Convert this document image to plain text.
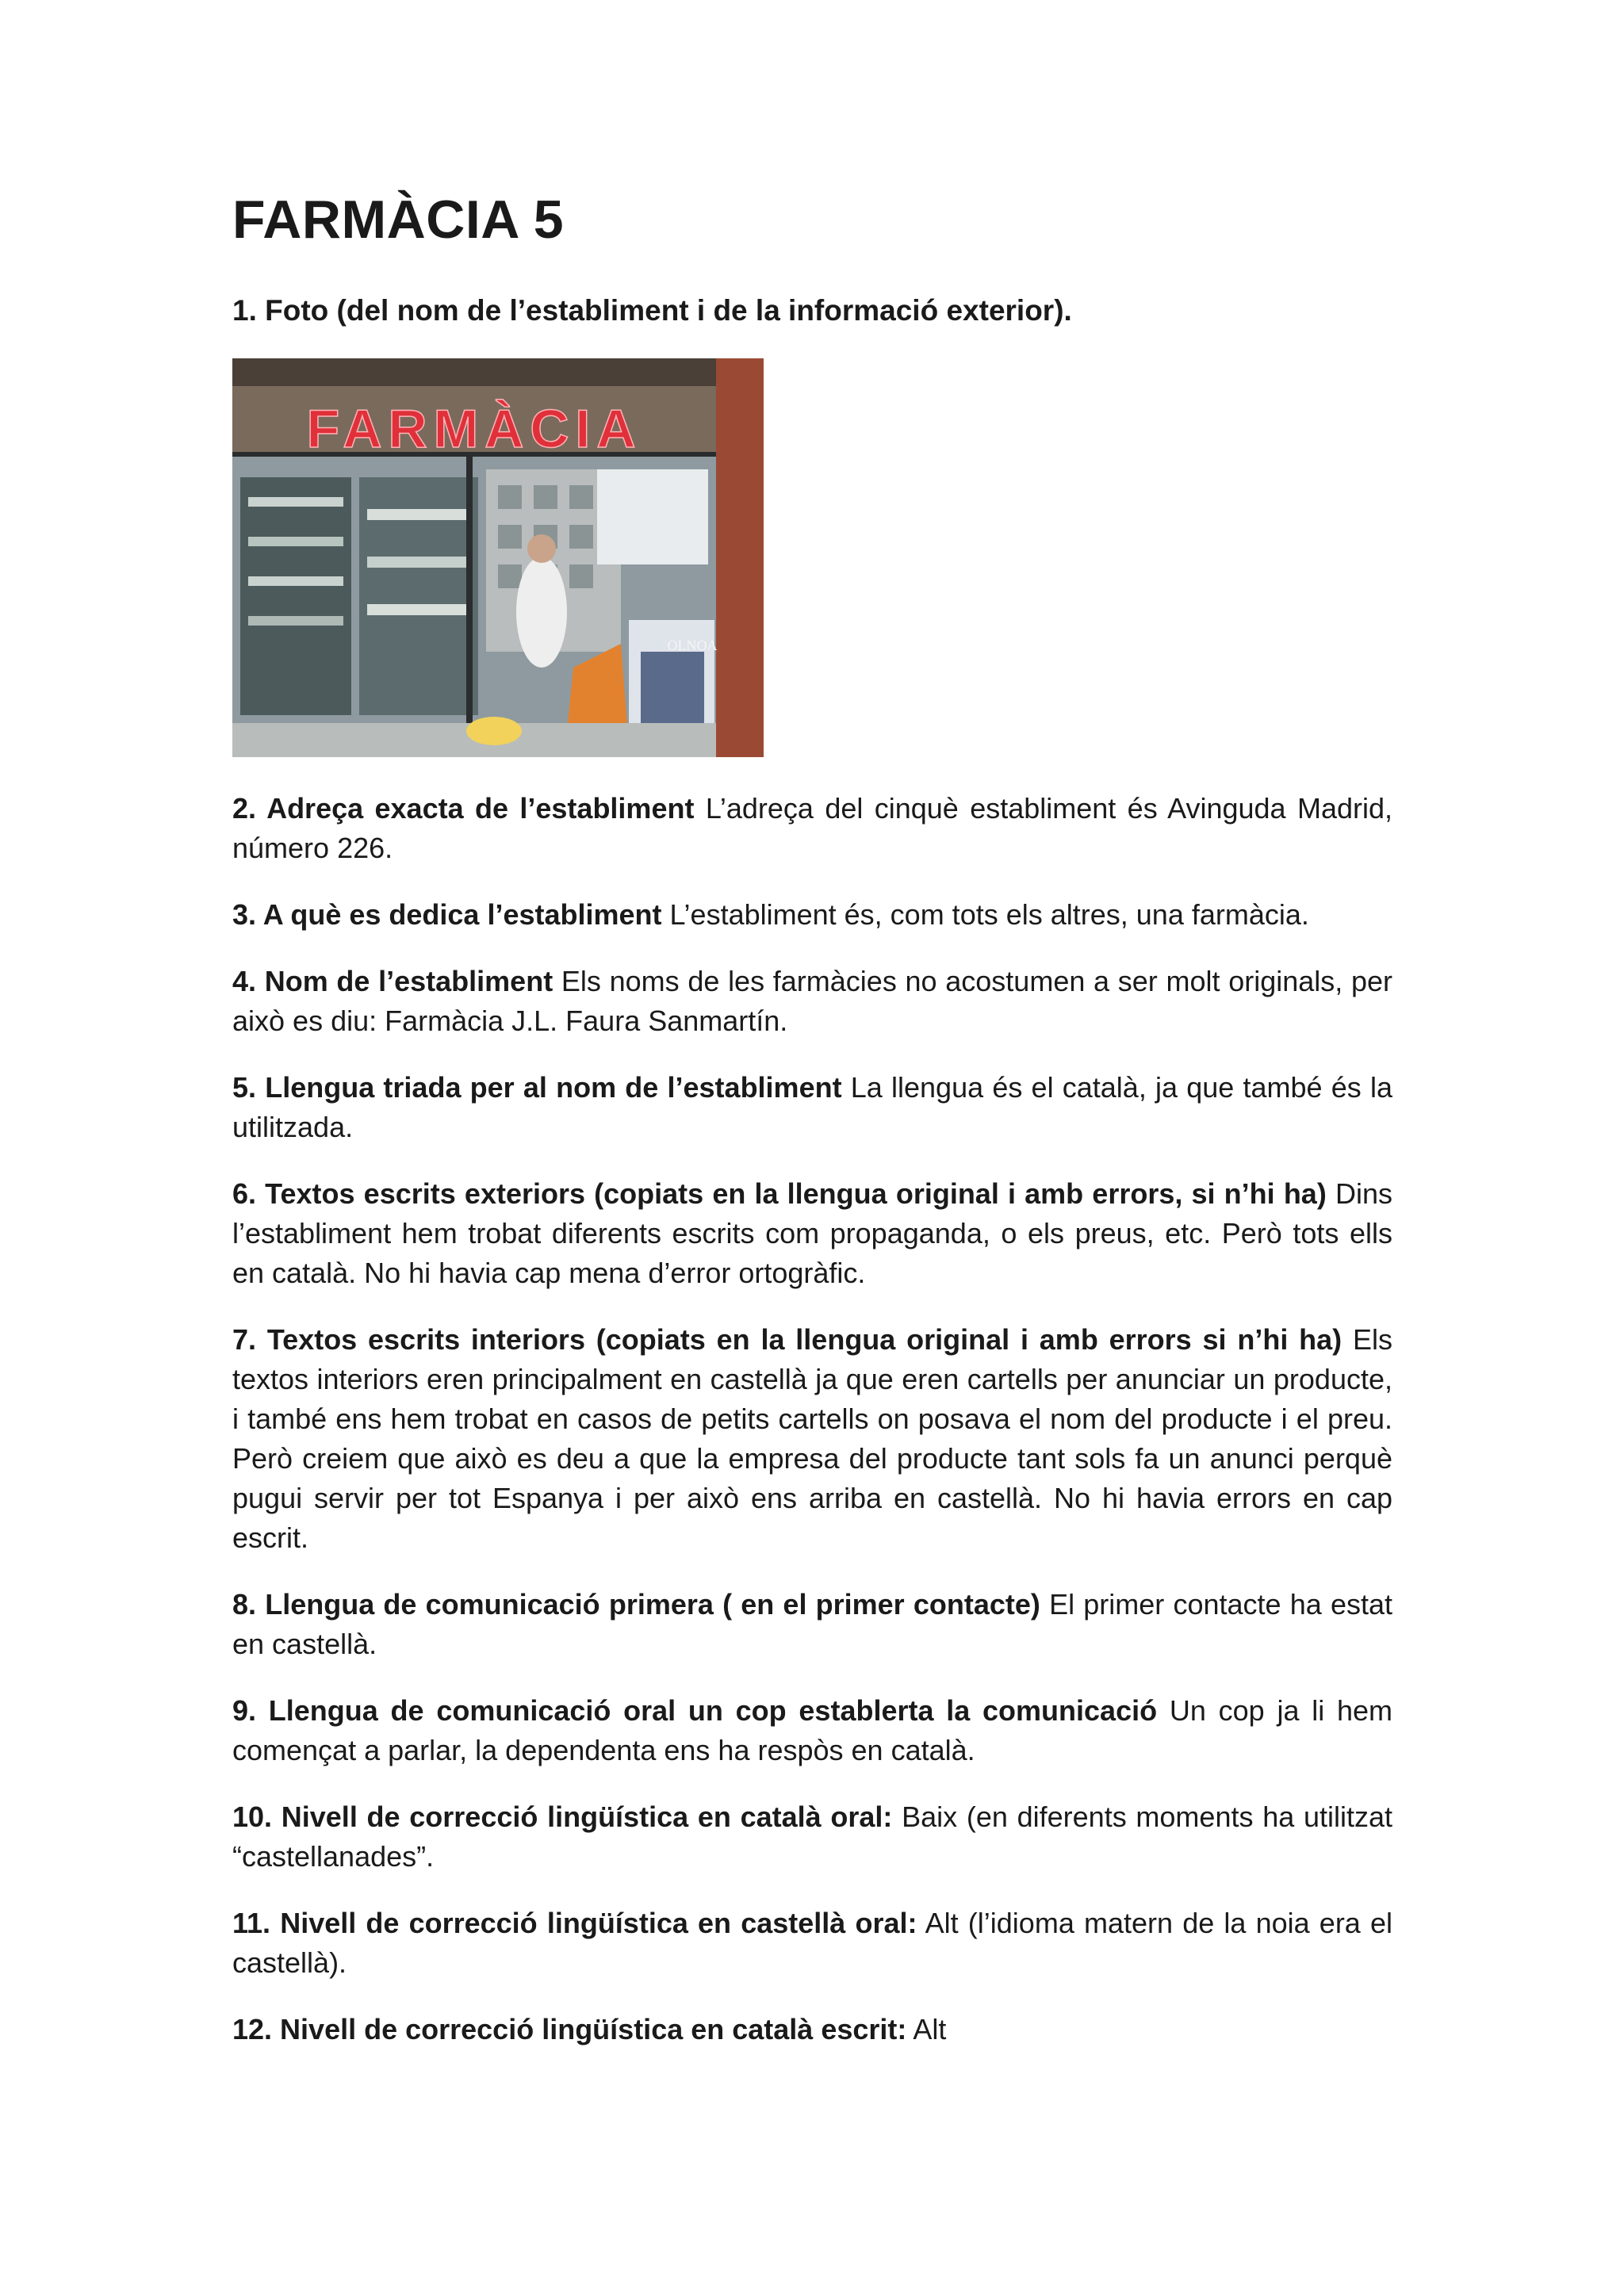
FARMÀCIA 5

1. Foto (del nom de l’establiment i de la informació exterior).

FARMÀCIA
OLNOA

2. Adreça exacta de l’establiment L’adreça del cinquè establiment és Avinguda Madrid, número 226.

3. A què es dedica l’establiment L’establiment és, com tots els altres, una farmàcia.

4. Nom de l’establiment Els noms de les farmàcies no acostumen a ser molt originals, per això es diu: Farmàcia J.L. Faura Sanmartín.

5. Llengua triada per al nom de l’establiment La llengua és el català, ja que també és la utilitzada.

6. Textos escrits exteriors (copiats en la llengua original i amb errors, si n’hi ha) Dins l’establiment hem trobat diferents escrits com propaganda, o els preus, etc. Però tots ells en català. No hi havia cap mena d’error ortogràfic.

7. Textos escrits interiors (copiats en la llengua original i amb errors si n’hi ha) Els textos interiors eren principalment en castellà ja que eren cartells per anunciar un producte, i també ens hem trobat en casos de petits cartells on posava el nom del producte i el preu. Però creiem que això es deu a que la empresa del producte tant sols fa un anunci perquè pugui servir per tot Espanya i per això ens arriba en castellà. No hi havia errors en cap escrit.

8. Llengua de comunicació primera ( en el primer contacte) El primer contacte ha estat en castellà.

9. Llengua de comunicació oral un cop establerta la comunicació Un cop ja li hem començat a parlar, la dependenta ens ha respòs en català.

10. Nivell de correcció lingüística en català oral: Baix (en diferents moments ha utilitzat “castellanades”.

11. Nivell de correcció lingüística en castellà oral: Alt (l’idioma matern de la noia era el castellà).

12. Nivell de correcció lingüística en català escrit: Alt
